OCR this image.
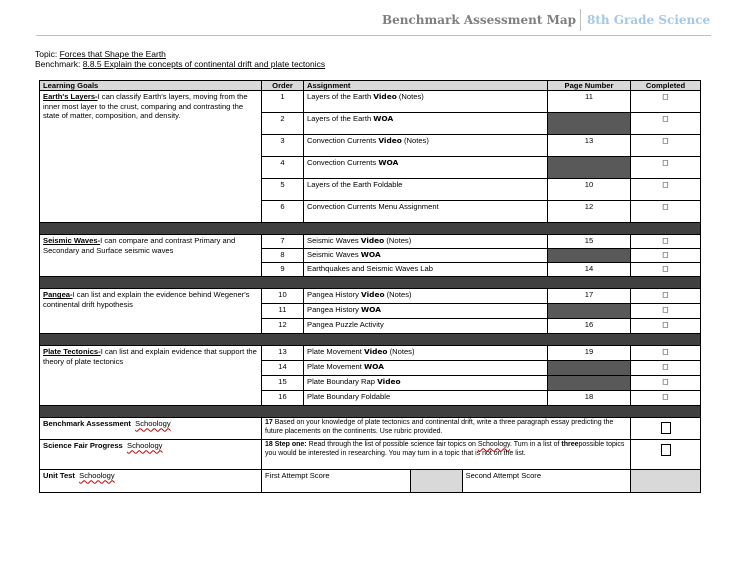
Benchmark Assessment Map 8th Grade Science
Topic: Forces that Shape the Earth
Benchmark: 8.8.5 Explain the concepts of continental drift and plate tectonics
Learning Goals	Order	Assignment	Page Number	Completed
Earth's Layers-I can classify Earth's layers, moving from the inner most layer to the crust, comparing and contrasting the state of matter, composition, and density.	1	Layers of the Earth Video (Notes)	11	◻
2	Layers of the Earth WOA		◻
3	Convection Currents Video (Notes)	13	◻
4	Convection Currents WOA		◻
5	Layers of the Earth Foldable	10	◻
6	Convection Currents Menu Assignment	12	◻

Seismic Waves-I can compare and contrast Primary and Secondary and Surface seismic waves	7	Seismic Waves Video (Notes)	15	◻
8	Seismic Waves WOA		◻
9	Earthquakes and Seismic Waves Lab	14	◻

Pangea-I can list and explain the evidence behind Wegener's continental drift hypothesis	10	Pangea History Video (Notes)	17	◻
11	Pangea History WOA		◻
12	Pangea Puzzle Activity	16	◻

Plate Tectonics-I can list and explain evidence that support the theory of plate tectonics	13	Plate Movement Video (Notes)	19	◻
14	Plate Movement WOA		◻
15	Plate Boundary Rap Video		◻
16	Plate Boundary Foldable	18	◻

Benchmark Assessment Schoology	17 Based on your knowledge of plate tectonics and continental drift, write a three paragraph essay predicting the future placements on the continents. Use rubric provided.	
Science Fair Progress Schoology	18 Step one: Read through the list of possible science fair topics on Schoology. Turn in a list of threepossible topics you would be interested in researching. You may turn in a topic that is not on the list.	
Unit Test Schoology		First Attempt Score		Second Attempt Score
